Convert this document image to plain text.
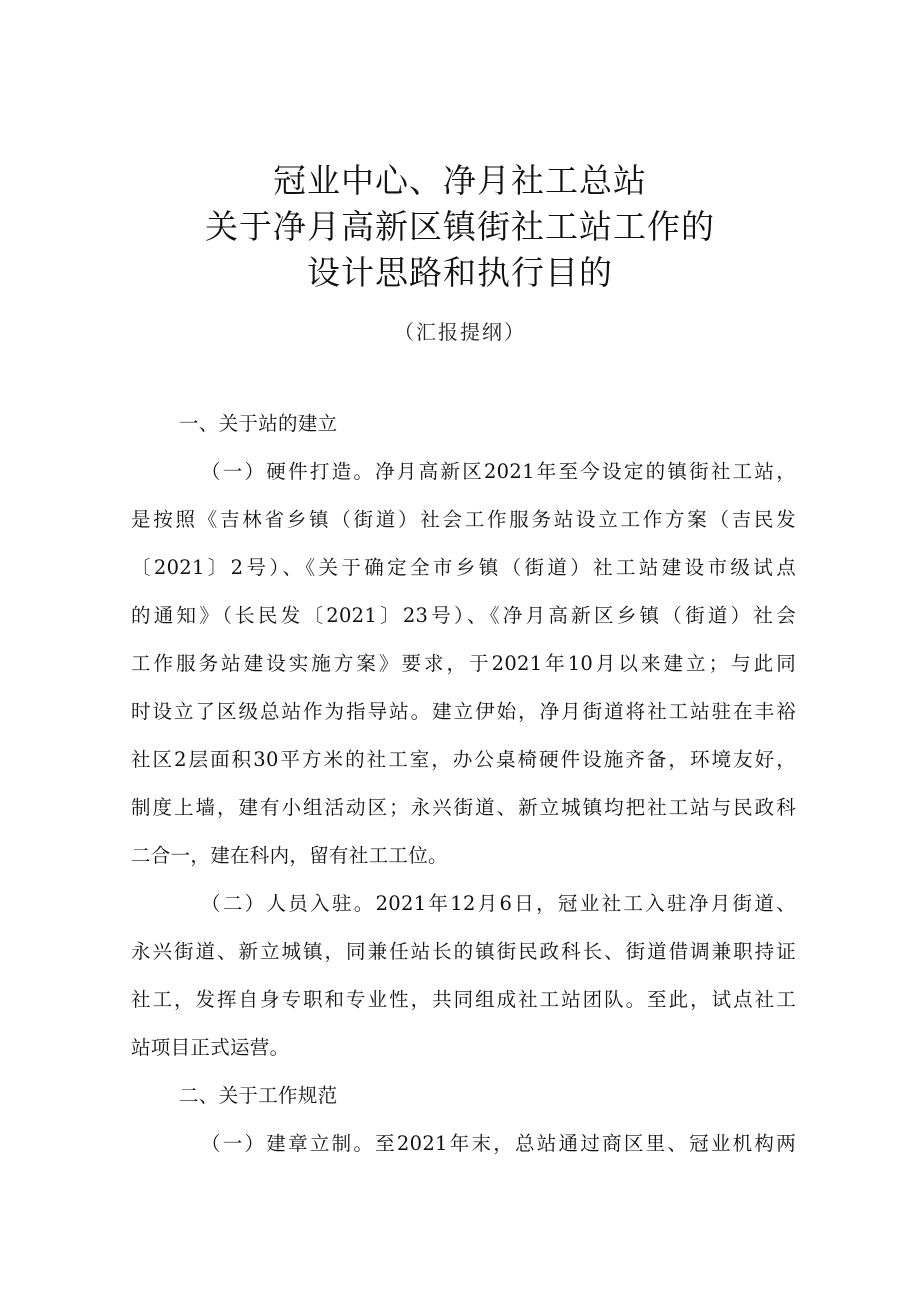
冠业中心、净月社工总站
关于净月高新区镇街社工站工作的
设计思路和执行目的
（汇报提纲）
一、关于站的建立
（一）硬件打造。净月高新区2021年至今设定的镇街社工站，
是按照《吉林省乡镇（街道）社会工作服务站设立工作方案（吉民发
〔2021〕2号）、《关于确定全市乡镇（街道）社工站建设市级试点
的通知》（长民发〔2021〕23号）、《净月高新区乡镇（街道）社会
工作服务站建设实施方案》要求，于2021年10月以来建立；与此同
时设立了区级总站作为指导站。建立伊始，净月街道将社工站驻在丰裕
社区2层面积30平方米的社工室，办公桌椅硬件设施齐备，环境友好，
制度上墙，建有小组活动区；永兴街道、新立城镇均把社工站与民政科
二合一，建在科内，留有社工工位。
（二）人员入驻。2021年12月6日，冠业社工入驻净月街道、
永兴街道、新立城镇，同兼任站长的镇街民政科长、街道借调兼职持证
社工，发挥自身专职和专业性，共同组成社工站团队。至此，试点社工
站项目正式运营。
二、关于工作规范
（一）建章立制。至2021年末，总站通过商区里、冠业机构两
